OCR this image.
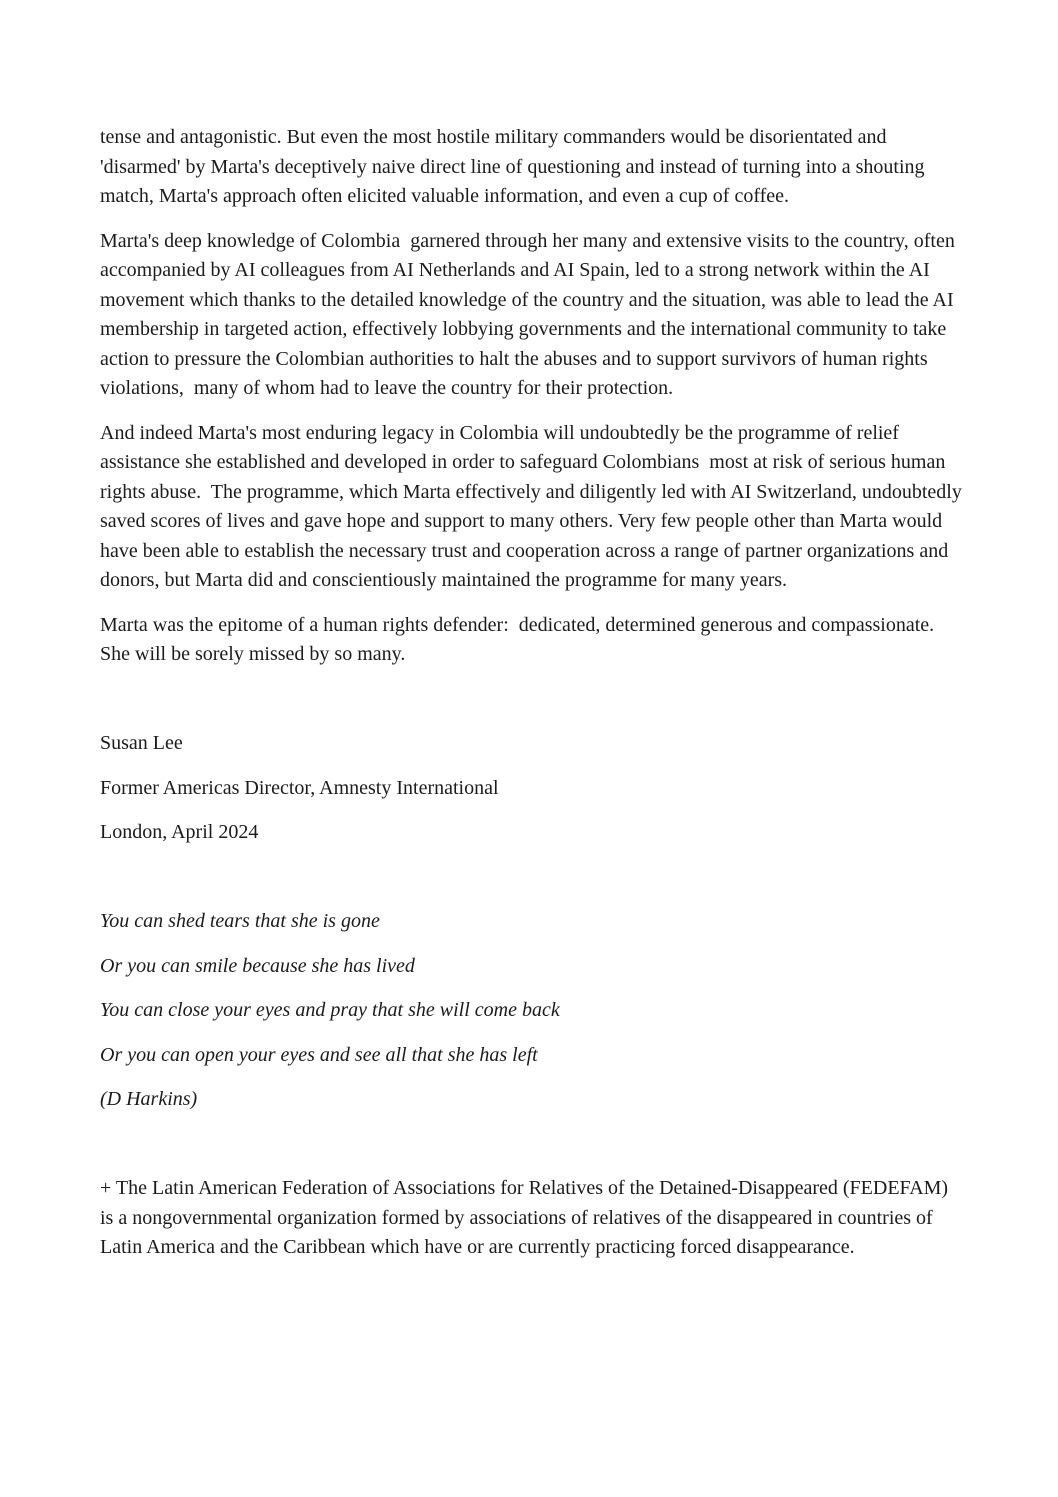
tense and antagonistic. But even the most hostile military commanders would be disorientated and 'disarmed' by Marta's deceptively naive direct line of questioning and instead of turning into a shouting match, Marta's approach often elicited valuable information, and even a cup of coffee.

Marta's deep knowledge of Colombia  garnered through her many and extensive visits to the country, often accompanied by AI colleagues from AI Netherlands and AI Spain, led to a strong network within the AI movement which thanks to the detailed knowledge of the country and the situation, was able to lead the AI membership in targeted action, effectively lobbying governments and the international community to take action to pressure the Colombian authorities to halt the abuses and to support survivors of human rights violations,  many of whom had to leave the country for their protection.

And indeed Marta's most enduring legacy in Colombia will undoubtedly be the programme of relief assistance she established and developed in order to safeguard Colombians  most at risk of serious human rights abuse.  The programme, which Marta effectively and diligently led with AI Switzerland, undoubtedly saved scores of lives and gave hope and support to many others. Very few people other than Marta would have been able to establish the necessary trust and cooperation across a range of partner organizations and donors, but Marta did and conscientiously maintained the programme for many years.

Marta was the epitome of a human rights defender:  dedicated, determined generous and compassionate.  She will be sorely missed by so many.

Susan Lee

Former Americas Director, Amnesty International

London, April 2024

You can shed tears that she is gone

Or you can smile because she has lived

You can close your eyes and pray that she will come back

Or you can open your eyes and see all that she has left

(D Harkins)

+ The Latin American Federation of Associations for Relatives of the Detained-Disappeared (FEDEFAM) is a nongovernmental organization formed by associations of relatives of the disappeared in countries of Latin America and the Caribbean which have or are currently practicing forced disappearance.
